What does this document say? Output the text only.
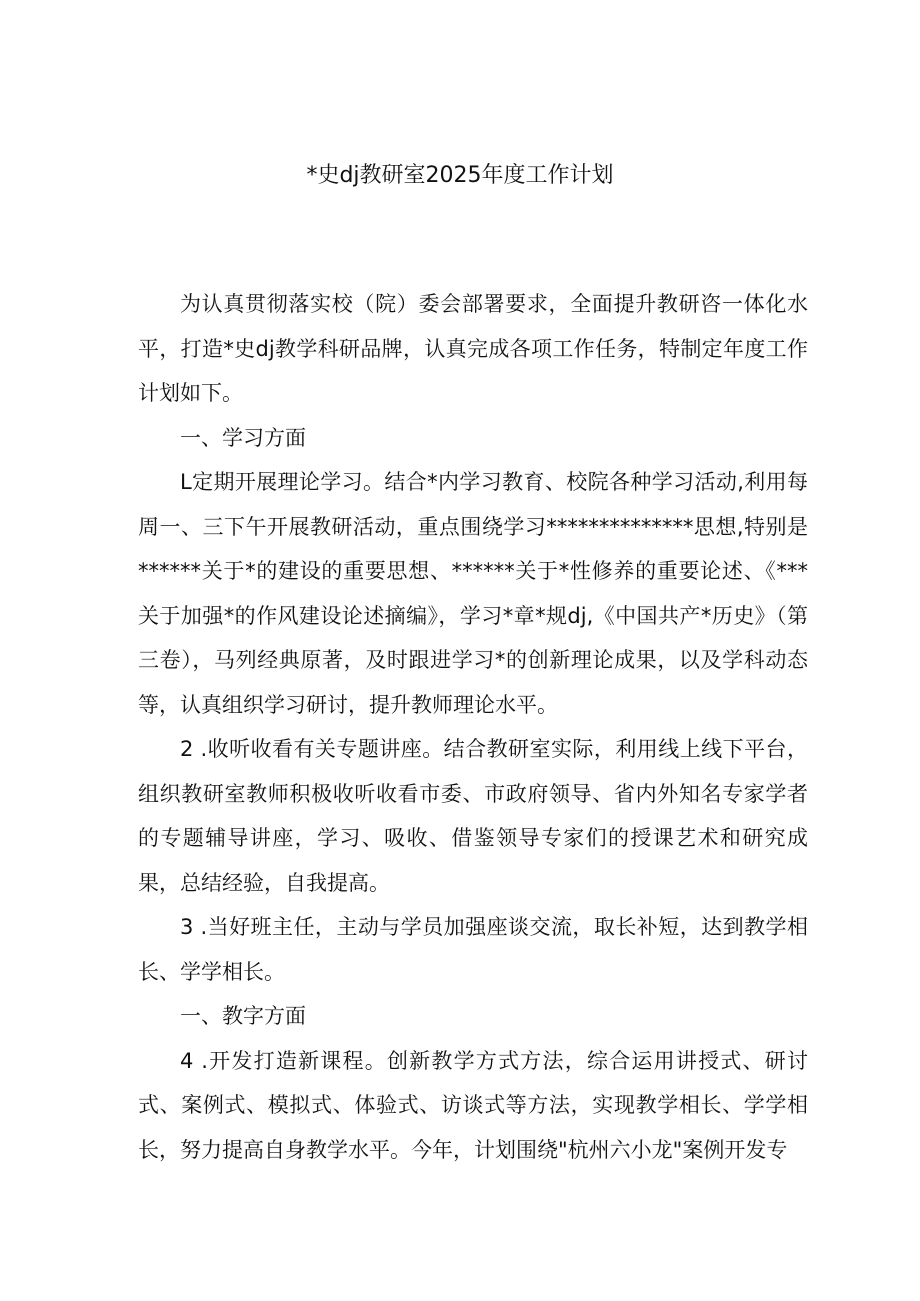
*史dj教研室2025年度工作计划

为认真贯彻落实校（院）委会部署要求，全面提升教研咨一体化水平，打造*史dj教学科研品牌，认真完成各项工作任务，特制定年度工作计划如下。

一、学习方面

L定期开展理论学习。结合*内学习教育、校院各种学习活动,利用每周一、三下午开展教研活动，重点围绕学习**************思想,特别是******关于*的建设的重要思想、******关于*性修养的重要论述、《***关于加强*的作风建设论述摘编》，学习*章*规dj,《中国共产*历史》（第三卷），马列经典原著，及时跟进学习*的创新理论成果，以及学科动态等，认真组织学习研讨，提升教师理论水平。

2 .收听收看有关专题讲座。结合教研室实际，利用线上线下平台，组织教研室教师积极收听收看市委、市政府领导、省内外知名专家学者的专题辅导讲座，学习、吸收、借鉴领导专家们的授课艺术和研究成果，总结经验，自我提高。

3 .当好班主任，主动与学员加强座谈交流，取长补短，达到教学相长、学学相长。

一、教字方面

4 .开发打造新课程。创新教学方式方法，综合运用讲授式、研讨式、案例式、模拟式、体验式、访谈式等方法，实现教学相长、学学相长，努力提高自身教学水平。今年，计划围绕"杭州六小龙"案例开发专
